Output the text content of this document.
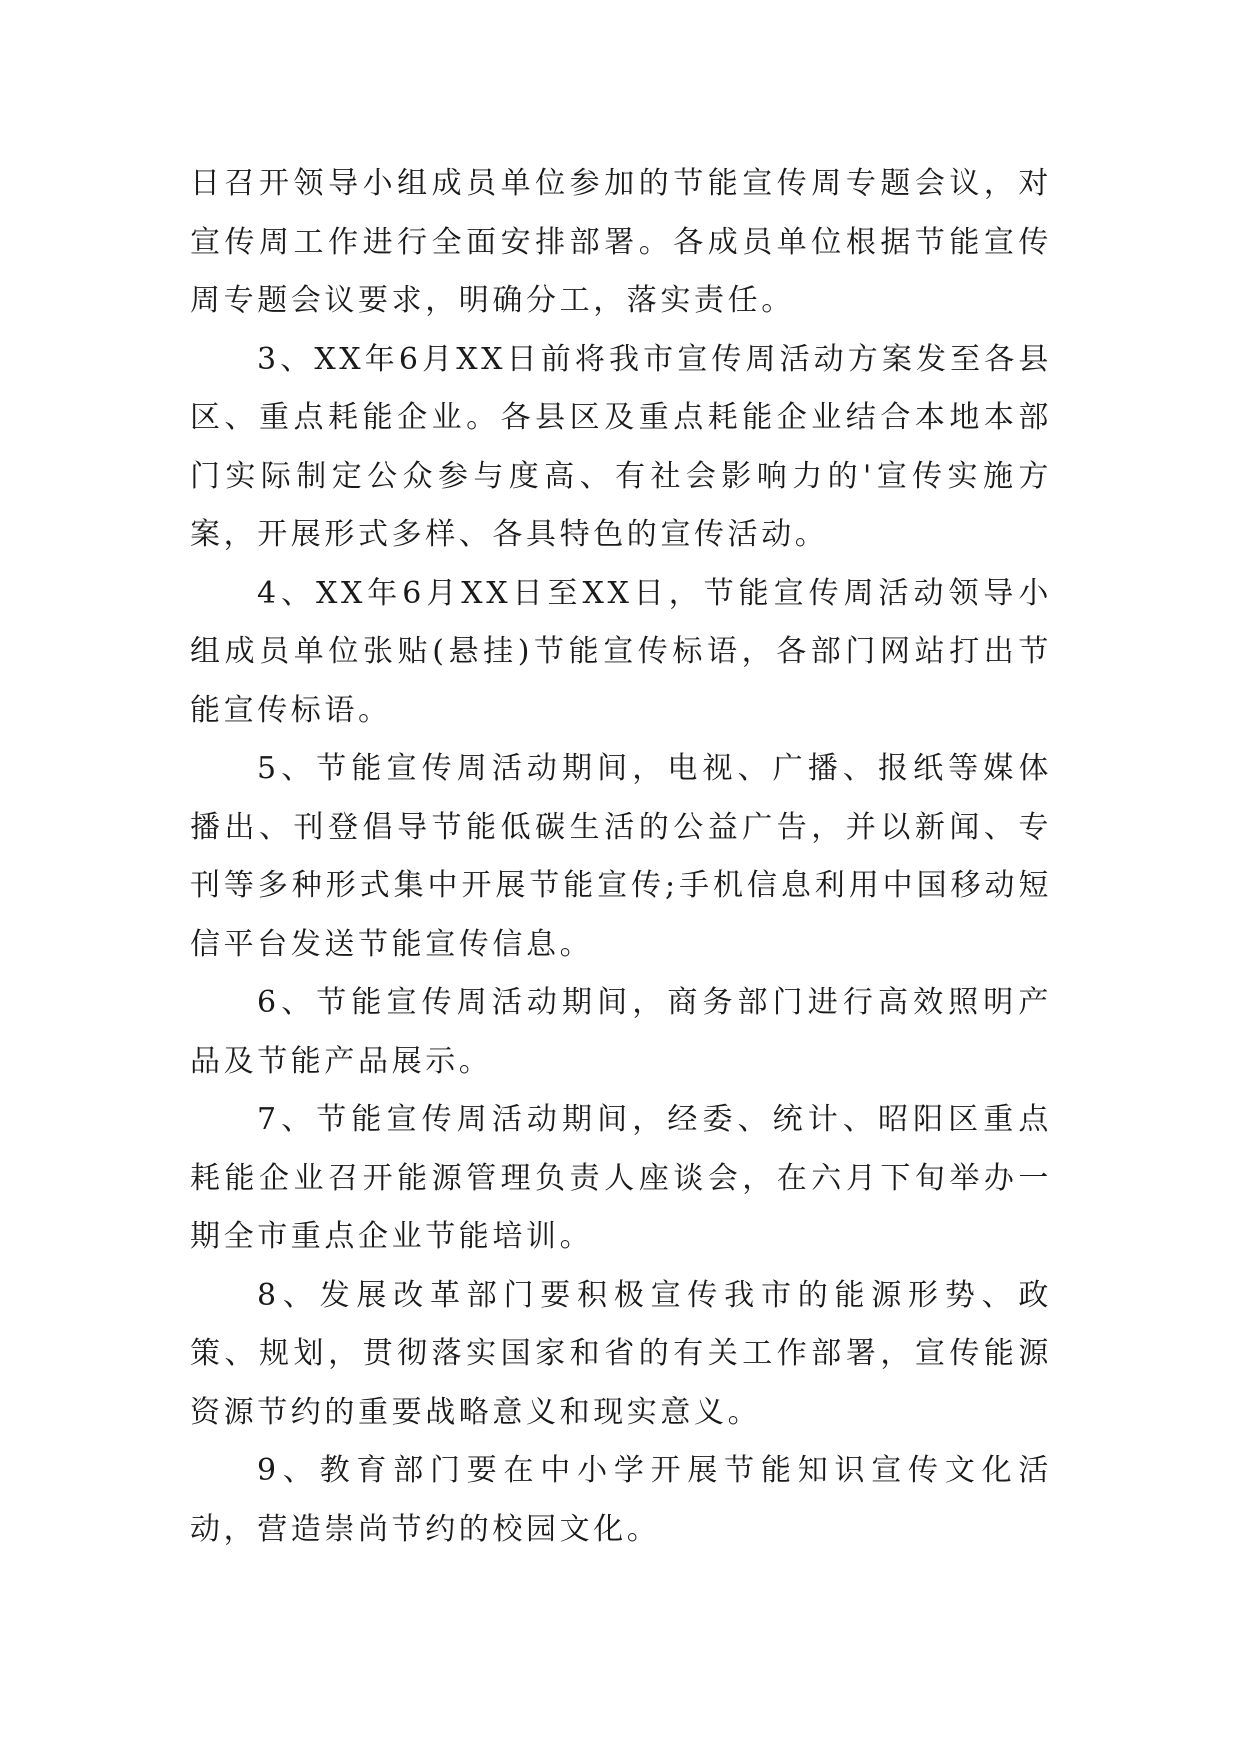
日召开领导小组成员单位参加的节能宣传周专题会议，对宣传周工作进行全面安排部署。各成员单位根据节能宣传周专题会议要求，明确分工，落实责任。

3、XX年6月XX日前将我市宣传周活动方案发至各县区、重点耗能企业。各县区及重点耗能企业结合本地本部门实际制定公众参与度高、有社会影响力的'宣传实施方案，开展形式多样、各具特色的宣传活动。

4、XX年6月XX日至XX日，节能宣传周活动领导小组成员单位张贴(悬挂)节能宣传标语，各部门网站打出节能宣传标语。

5、节能宣传周活动期间，电视、广播、报纸等媒体播出、刊登倡导节能低碳生活的公益广告，并以新闻、专刊等多种形式集中开展节能宣传;手机信息利用中国移动短信平台发送节能宣传信息。

6、节能宣传周活动期间，商务部门进行高效照明产品及节能产品展示。

7、节能宣传周活动期间，经委、统计、昭阳区重点耗能企业召开能源管理负责人座谈会，在六月下旬举办一期全市重点企业节能培训。

8、发展改革部门要积极宣传我市的能源形势、政策、规划，贯彻落实国家和省的有关工作部署，宣传能源资源节约的重要战略意义和现实意义。

9、教育部门要在中小学开展节能知识宣传文化活动，营造崇尚节约的校园文化。
